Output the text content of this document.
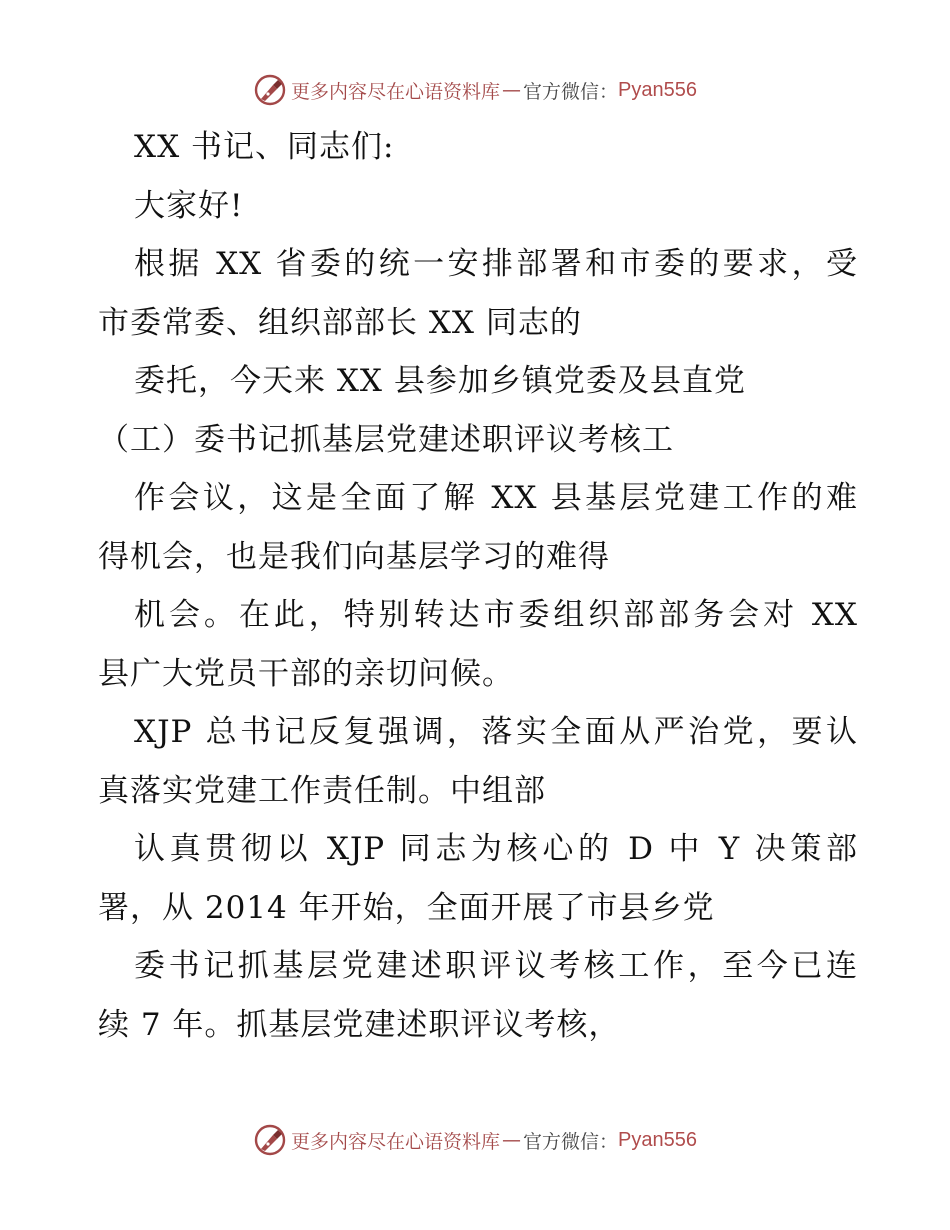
更多内容尽在心语资料库 — 官方微信： Pyan556
XX 书记、同志们:
大家好!
根据 XX 省委的统一安排部署和市委的要求，受
市委常委、组织部部长 XX 同志的
委托，今天来 XX 县参加乡镇党委及县直党
（工）委书记抓基层党建述职评议考核工
作会议，这是全面了解 XX 县基层党建工作的难
得机会，也是我们向基层学习的难得
机会。在此，特别转达市委组织部部务会对 XX
县广大党员干部的亲切问候。
XJP 总书记反复强调，落实全面从严治党，要认
真落实党建工作责任制。中组部
认真贯彻以 XJP 同志为核心的 D 中 Y 决策部
署，从 2014 年开始，全面开展了市县乡党
委书记抓基层党建述职评议考核工作，至今已连
续 7 年。抓基层党建述职评议考核，
更多内容尽在心语资料库 — 官方微信： Pyan556
